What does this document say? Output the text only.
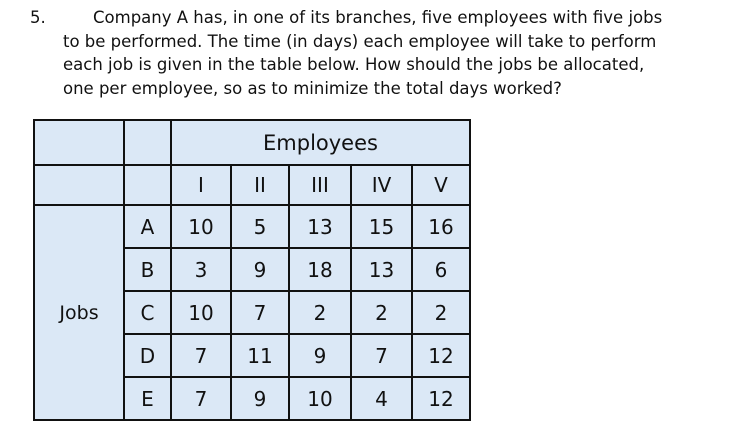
5.	Company A has, in one of its branches, five employees with five jobs
to be performed. The time (in days) each employee will take to perform
each job is given in the table below. How should the jobs be allocated,
one per employee, so as to minimize the total days worked?
		Employees				
		I	II	III	IV	V
Jobs	A	10	5	13	15	16
	B	3	9	18	13	6
	C	10	7	2	2	2
	D	7	11	9	7	12
	E	7	9	10	4	12
